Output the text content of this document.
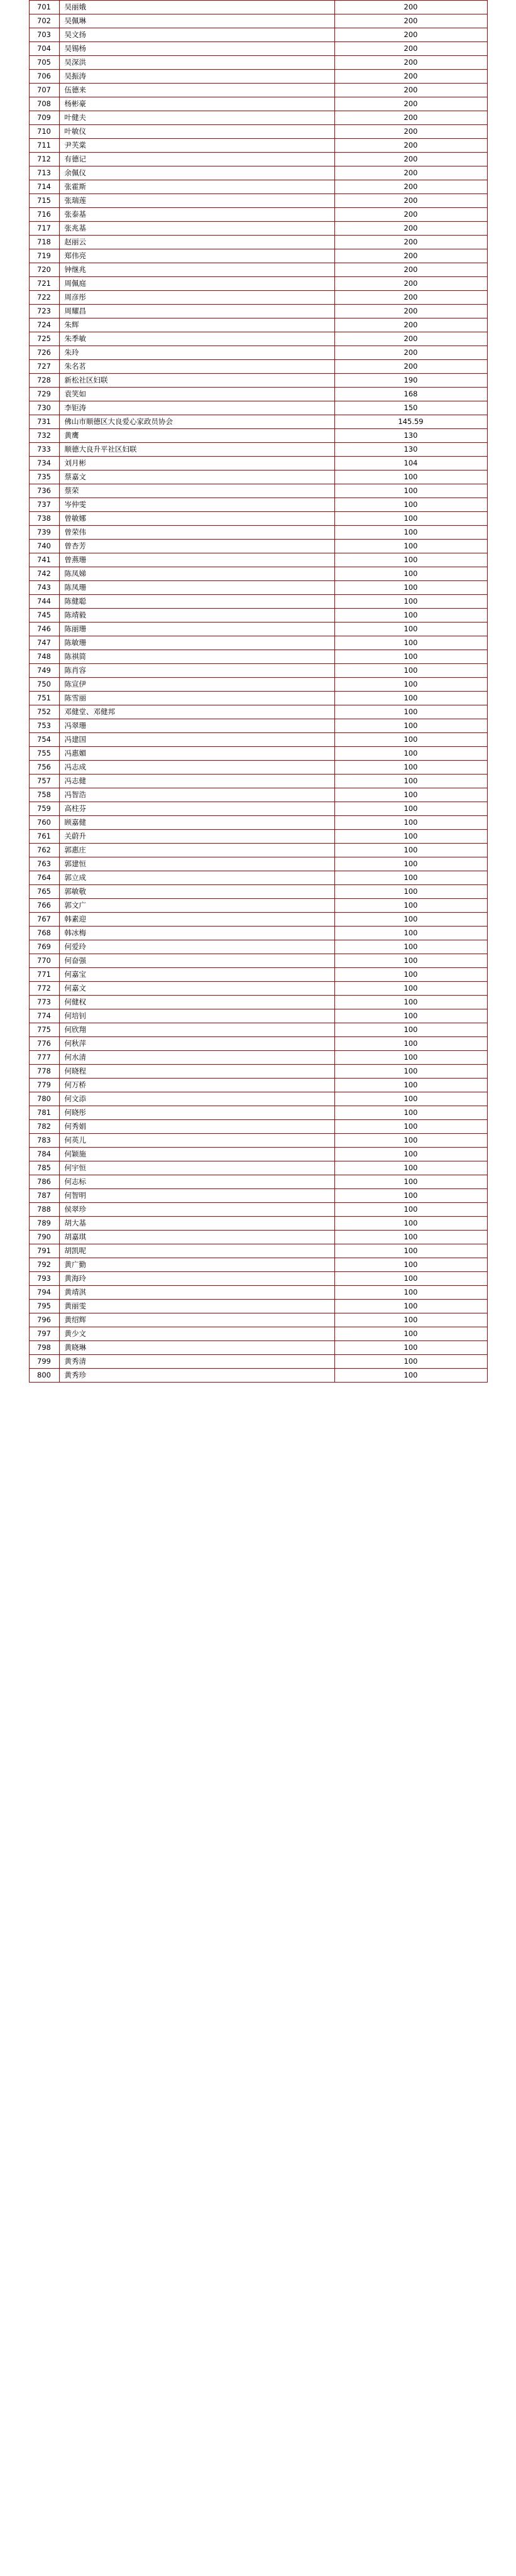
701	吴丽娥	200
702	吴佩琳	200
703	吴文扬	200
704	吴锡杨	200
705	吴深洪	200
706	吴振涛	200
707	伍德来	200
708	杨彬豪	200
709	叶健夫	200
710	叶敏仪	200
711	尹芙棠	200
712	有德记	200
713	余佩仪	200
714	张霍斯	200
715	张瑞莲	200
716	张泰基	200
717	张兆基	200
718	赵丽云	200
719	郑伟亮	200
720	钟继兆	200
721	周佩庭	200
722	周彦彤	200
723	周耀昌	200
724	朱辉	200
725	朱季敏	200
726	朱玲	200
727	朱名茗	200
728	新松社区妇联	190
729	袁笑如	168
730	李钜涛	150
731	佛山市顺德区大良爱心家政员协会	145.59
732	黄鹰	130
733	顺德大良升平社区妇联	130
734	刘月彬	104
735	蔡嘉文	100
736	蔡荣	100
737	岑仲雯	100
738	曾敏娜	100
739	曾荣伟	100
740	曾杏芳	100
741	曾燕珊	100
742	陈凤娣	100
743	陈凤珊	100
744	陈健聪	100
745	陈靖毅	100
746	陈丽珊	100
747	陈敏珊	100
748	陈祺简	100
749	陈肖容	100
750	陈宣伊	100
751	陈雪丽	100
752	邓健堂、邓健邦	100
753	冯翠珊	100
754	冯建国	100
755	冯惠媚	100
756	冯志成	100
757	冯志健	100
758	冯智浩	100
759	高柱芬	100
760	顾嘉健	100
761	关蔚升	100
762	郭惠庄	100
763	郭建恒	100
764	郭立成	100
765	郭敏敬	100
766	郭文广	100
767	韩素迎	100
768	韩冰梅	100
769	何爱玲	100
770	何奋强	100
771	何嘉宝	100
772	何嘉文	100
773	何健权	100
774	何培钊	100
775	何欣翔	100
776	何秋萍	100
777	何水清	100
778	何晓程	100
779	何万桥	100
780	何文添	100
781	何晓彤	100
782	何秀娟	100
783	何英儿	100
784	何颖施	100
785	何宇恒	100
786	何志标	100
787	何智明	100
788	侯翠珍	100
789	胡大基	100
790	胡嘉琪	100
791	胡凯呢	100
792	黄广勤	100
793	黄海玲	100
794	黄靖淇	100
795	黄丽雯	100
796	黄绍辉	100
797	黄少文	100
798	黄晓琳	100
799	黄秀清	100
800	黄秀珍	100
